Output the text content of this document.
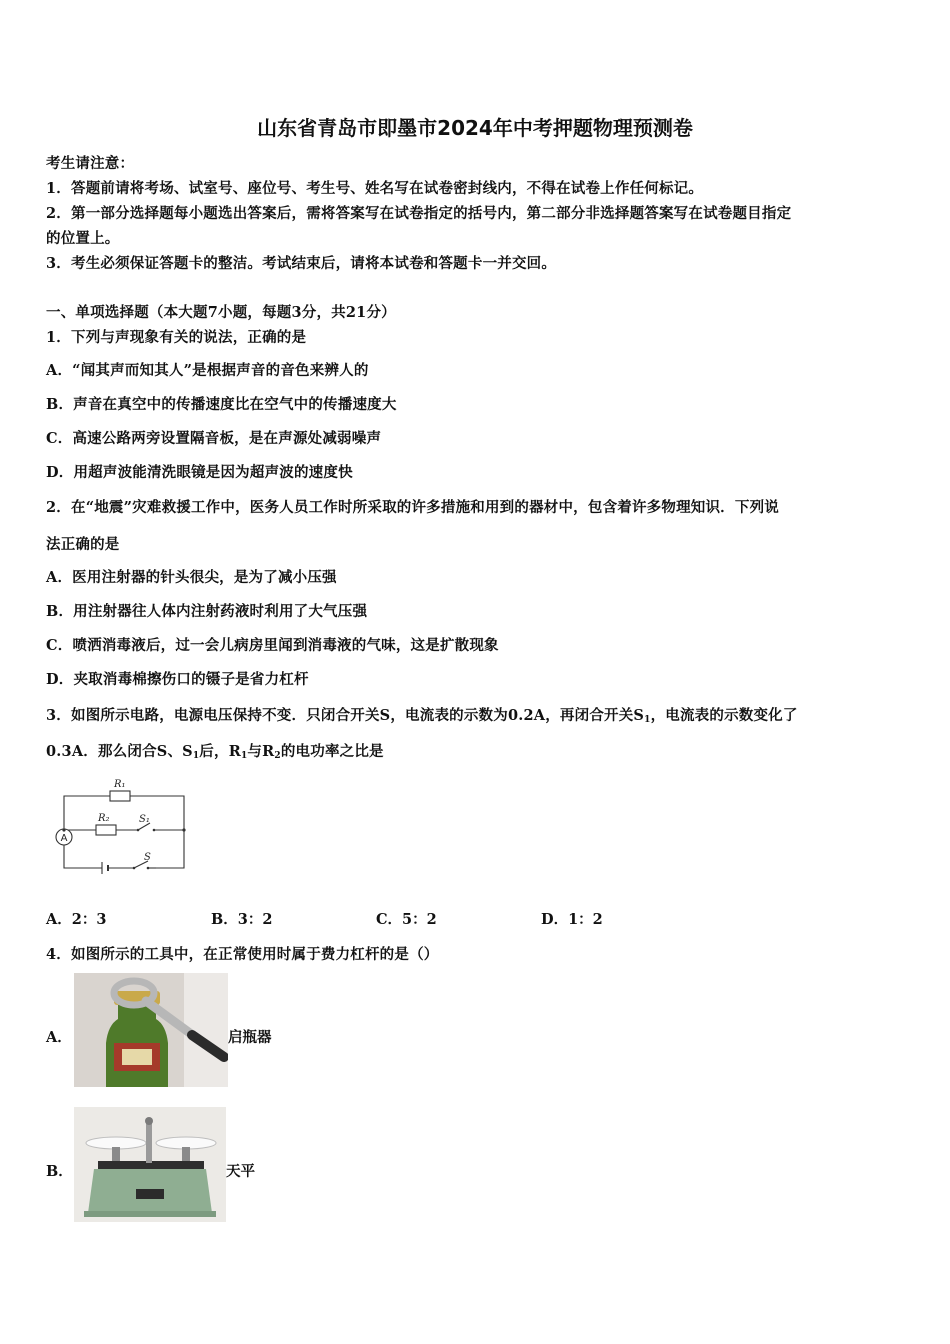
山东省青岛市即墨市2024年中考押题物理预测卷
考生请注意：
1．答题前请将考场、试室号、座位号、考生号、姓名写在试卷密封线内，不得在试卷上作任何标记。
2．第一部分选择题每小题选出答案后，需将答案写在试卷指定的括号内，第二部分非选择题答案写在试卷题目指定
的位置上。
3．考生必须保证答题卡的整洁。考试结束后，请将本试卷和答题卡一并交回。
一、单项选择题（本大题7小题，每题3分，共21分）
1．下列与声现象有关的说法，正确的是
A．“闻其声而知其人”是根据声音的音色来辨人的
B．声音在真空中的传播速度比在空气中的传播速度大
C．高速公路两旁设置隔音板，是在声源处减弱噪声
D．用超声波能清洗眼镜是因为超声波的速度快
2．在“地震”灾难救援工作中，医务人员工作时所采取的许多措施和用到的器材中，包含着许多物理知识．下列说
法正确的是
A．医用注射器的针头很尖，是为了减小压强
B．用注射器往人体内注射药液时利用了大气压强
C．喷洒消毒液后，过一会儿病房里闻到消毒液的气味，这是扩散现象
D．夹取消毒棉擦伤口的镊子是省力杠杆
3．如图所示电路，电源电压保持不变．只闭合开关S，电流表的示数为0.2A，再闭合开关S1，电流表的示数变化了
0.3A．那么闭合S、S1后，R1与R2的电功率之比是
R₁
R₂	S₁
S
A
A．2：3	B．3：2	C．5：2	D．1：2
4．如图所示的工具中，在正常使用时属于费力杠杆的是（）
A．	启瓶器
B．	天平
